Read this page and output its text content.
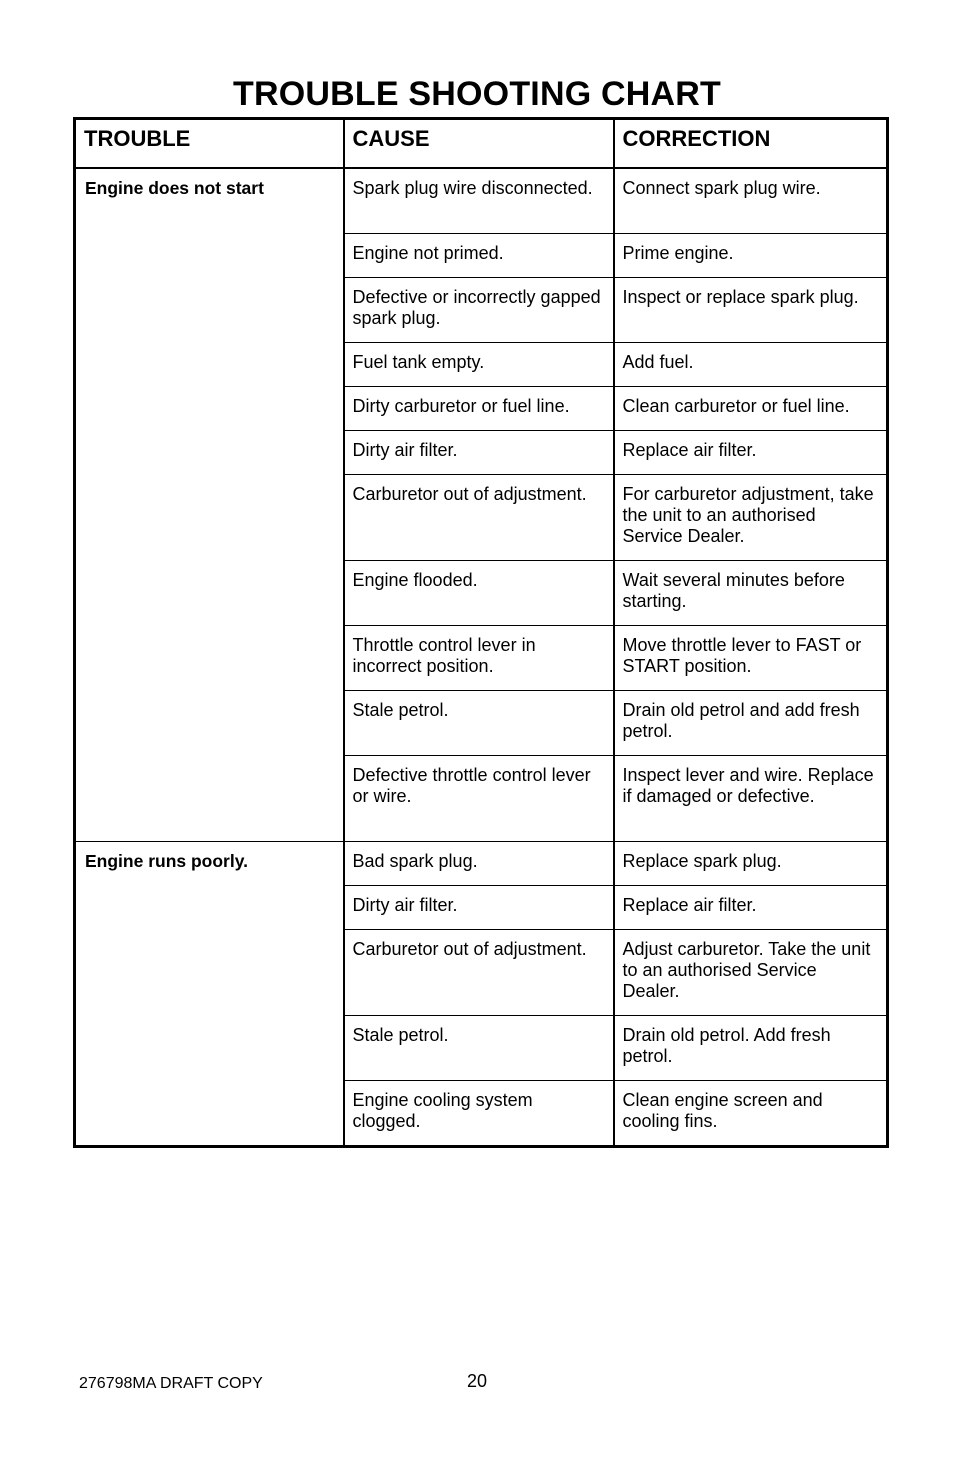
TROUBLE SHOOTING CHART
TROUBLE	CAUSE	CORRECTION
Engine does not start	Spark plug wire disconnected.	Connect spark plug wire.
	Engine not primed.	Prime engine.
	Defective or incorrectly gapped spark plug.	Inspect or replace spark plug.
	Fuel tank empty.	Add fuel.
	Dirty carburetor or fuel line.	Clean carburetor or fuel line.
	Dirty air filter.	Replace air filter.
	Carburetor out of adjustment.	For carburetor adjustment, take the unit to an authorised Service Dealer.
	Engine flooded.	Wait several minutes before starting.
	Throttle control lever in incorrect position.	Move throttle lever to FAST or START position.
	Stale petrol.	Drain old petrol and add fresh petrol.
	Defective throttle control lever or wire.	Inspect lever and wire. Replace if damaged or defective.
Engine runs poorly.	Bad spark plug.	Replace spark plug.
	Dirty air filter.	Replace air filter.
	Carburetor out of adjustment.	Adjust carburetor. Take the unit to an authorised Service Dealer.
	Stale petrol.	Drain old petrol. Add fresh petrol.
	Engine cooling system clogged.	Clean engine screen and cooling fins.
276798MA DRAFT COPY	20
